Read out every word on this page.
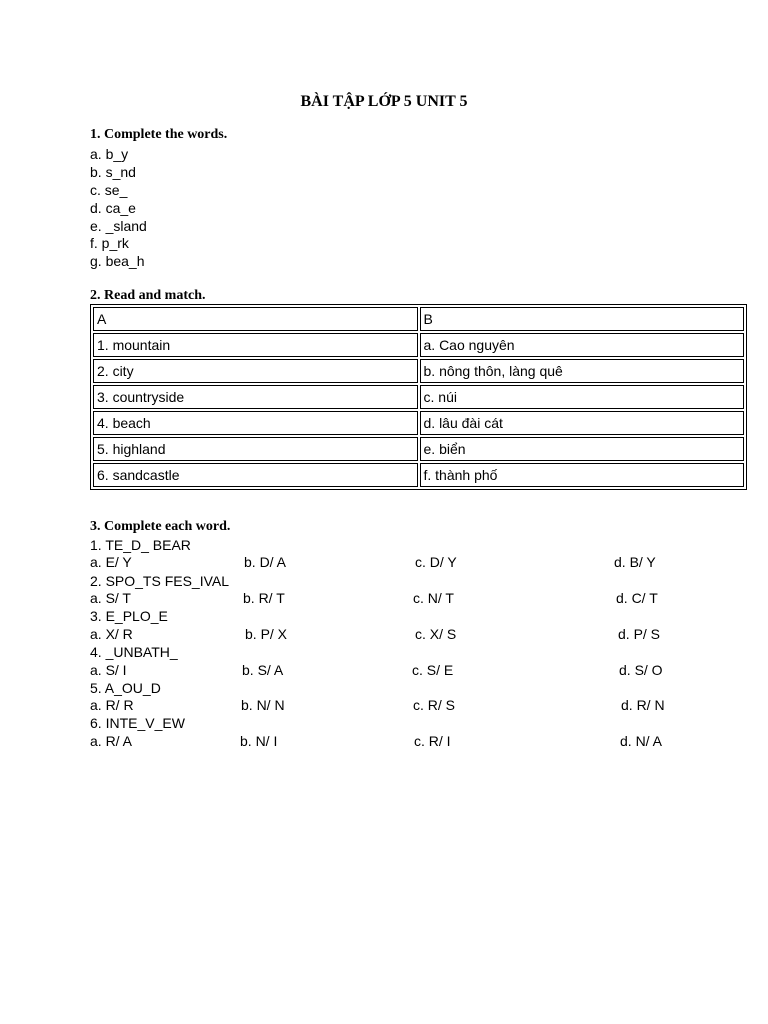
BÀI TẬP LỚP 5 UNIT 5
1. Complete the words.
a. b_y
b. s_nd
c. se_
d. ca_e
e. _sland
f. p_rk
g. bea_h
2. Read and match.
A	B
1. mountain	a. Cao nguyên
2. city	b. nông thôn, làng quê
3. countryside	c. núi
4. beach	d. lâu đài cát
5. highland	e. biển
6. sandcastle	f. thành phố
3. Complete each word.
1. TE_D_ BEAR
a. E/ Y	b. D/ A	c. D/ Y	d. B/ Y
2. SPO_TS FES_IVAL
a. S/ T	b. R/ T	c. N/ T	d. C/ T
3. E_PLO_E
a. X/ R	b. P/ X	c. X/ S	d. P/ S
4. _UNBATH_
a. S/ I	b. S/ A	c. S/ E	d. S/ O
5. A_OU_D
a. R/ R	b. N/ N	c. R/ S	d. R/ N
6. INTE_V_EW
a. R/ A	b. N/ I	c. R/ I	d. N/ A
